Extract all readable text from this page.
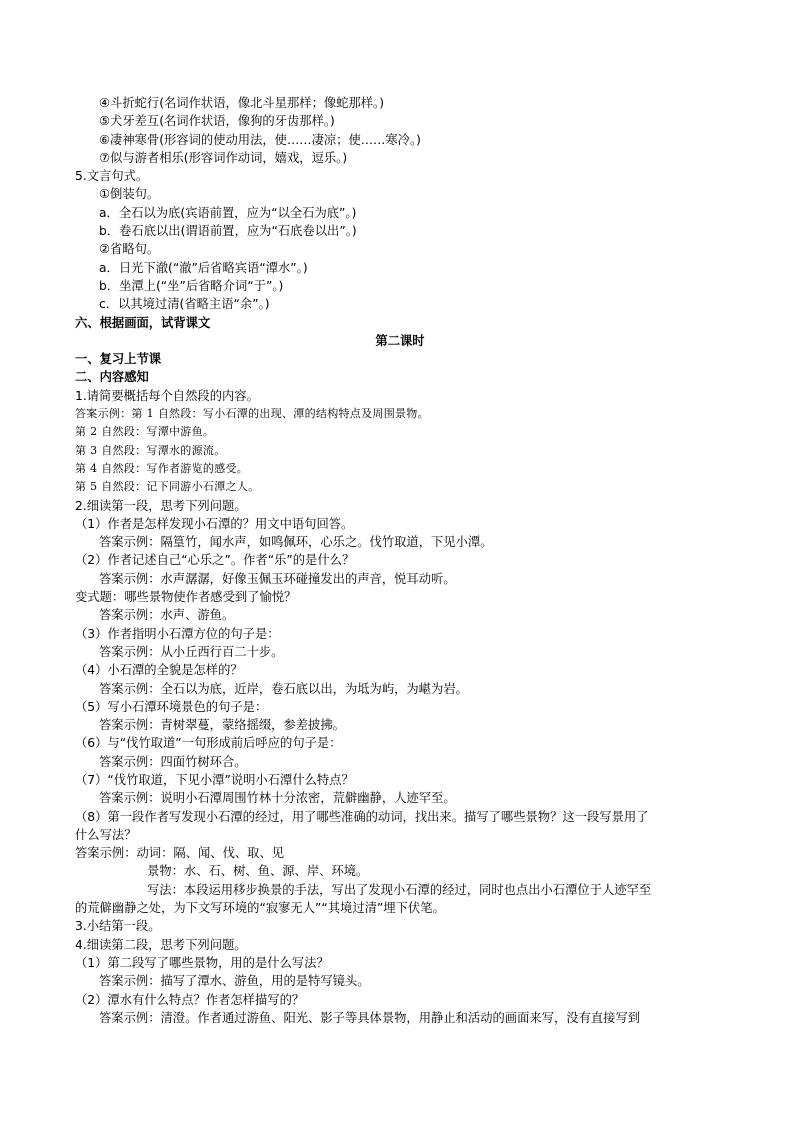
④斗折蛇行(名词作状语，像北斗星那样；像蛇那样。)
⑤犬牙差互(名词作状语，像狗的牙齿那样。)
⑥凄神寒骨(形容词的使动用法，使……凄凉；使……寒冷。)
⑦似与游者相乐(形容词作动词，嬉戏，逗乐。)
5.文言句式。
①倒装句。
a．全石以为底(宾语前置，应为“以全石为底”。)
b．卷石底以出(谓语前置，应为“石底卷以出”。)
②省略句。
a．日光下澈(“澈”后省略宾语“潭水”。)
b．坐潭上(“坐”后省略介词“于”。)
c．以其境过清(省略主语“余”。)
六、根据画面，试背课文
第二课时
一、复习上节课
二、内容感知
1.请简要概括每个自然段的内容。
答案示例：第 1 自然段：写小石潭的出现、潭的结构特点及周围景物。
第 2 自然段：写潭中游鱼。
第 3 自然段：写潭水的源流。
第 4 自然段：写作者游览的感受。
第 5 自然段：记下同游小石潭之人。
2.细读第一段，思考下列问题。
（1）作者是怎样发现小石潭的？用文中语句回答。
答案示例：隔篁竹，闻水声，如鸣佩环，心乐之。伐竹取道，下见小潭。
（2）作者记述自己“心乐之”。作者“乐”的是什么？
答案示例：水声潺潺，好像玉佩玉环碰撞发出的声音，悦耳动听。
变式题：哪些景物使作者感受到了愉悦？
答案示例：水声、游鱼。
（3）作者指明小石潭方位的句子是：
答案示例：从小丘西行百二十步。
（4）小石潭的全貌是怎样的？
答案示例：全石以为底，近岸，卷石底以出，为坻为屿，为嵁为岩。
（5）写小石潭环境景色的句子是：
答案示例：青树翠蔓，蒙络摇缀，参差披拂。
（6）与“伐竹取道”一句形成前后呼应的句子是：
答案示例：四面竹树环合。
（7）“伐竹取道，下见小潭”说明小石潭什么特点？
答案示例：说明小石潭周围竹林十分浓密，荒僻幽静，人迹罕至。
（8）第一段作者写发现小石潭的经过，用了哪些准确的动词，找出来。描写了哪些景物？这一段写景用了
什么写法？
答案示例：动词：隔、闻、伐、取、见
景物：水、石、树、鱼、源、岸、环境。
写法：本段运用移步换景的手法，写出了发现小石潭的经过，同时也点出小石潭位于人迹罕至
的荒僻幽静之处，为下文写环境的“寂寥无人”“其境过清”埋下伏笔。
3.小结第一段。
4.细读第二段，思考下列问题。
（1）第二段写了哪些景物，用的是什么写法？
答案示例：描写了潭水、游鱼，用的是特写镜头。
（2）潭水有什么特点？作者怎样描写的？
答案示例：清澄。作者通过游鱼、阳光、影子等具体景物，用静止和活动的画面来写，没有直接写到
